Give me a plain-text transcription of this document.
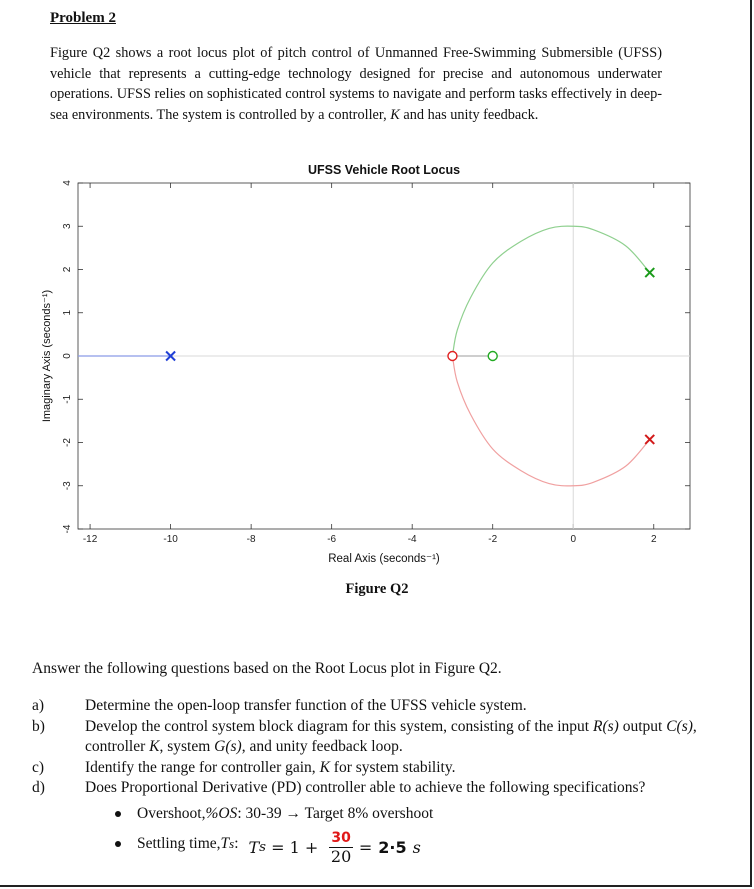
Problem 2
Figure Q2 shows a root locus plot of pitch control of Unmanned Free-Swimming Submersible (UFSS) vehicle that represents a cutting-edge technology designed for precise and autonomous underwater operations. UFSS relies on sophisticated control systems to navigate and perform tasks effectively in deep-sea environments. The system is controlled by a controller, K and has unity feedback.
-12	-10	-8	-6	-4	-2	0	2
4
3
2
1
0
-1
-2
-3
-4
UFSS Vehicle Root Locus
Real Axis (seconds⁻¹)
Imaginary Axis (seconds⁻¹)
Figure Q2
Answer the following questions based on the Root Locus plot in Figure Q2.
a)	Determine the open-loop transfer function of the UFSS vehicle system.
b)	Develop the control system block diagram for this system, consisting of the input R(s) output C(s), controller K, system G(s), and unity feedback loop.
c)	Identify the range for controller gain, K for system stability.
d)	Does Proportional Derivative (PD) controller able to achieve the following specifications?
Overshoot, %OS : 30-39 → Target 8% overshoot
Settling time, T s : T $s = 1 + \frac{30}{20} = 2\cdot 5$ s
